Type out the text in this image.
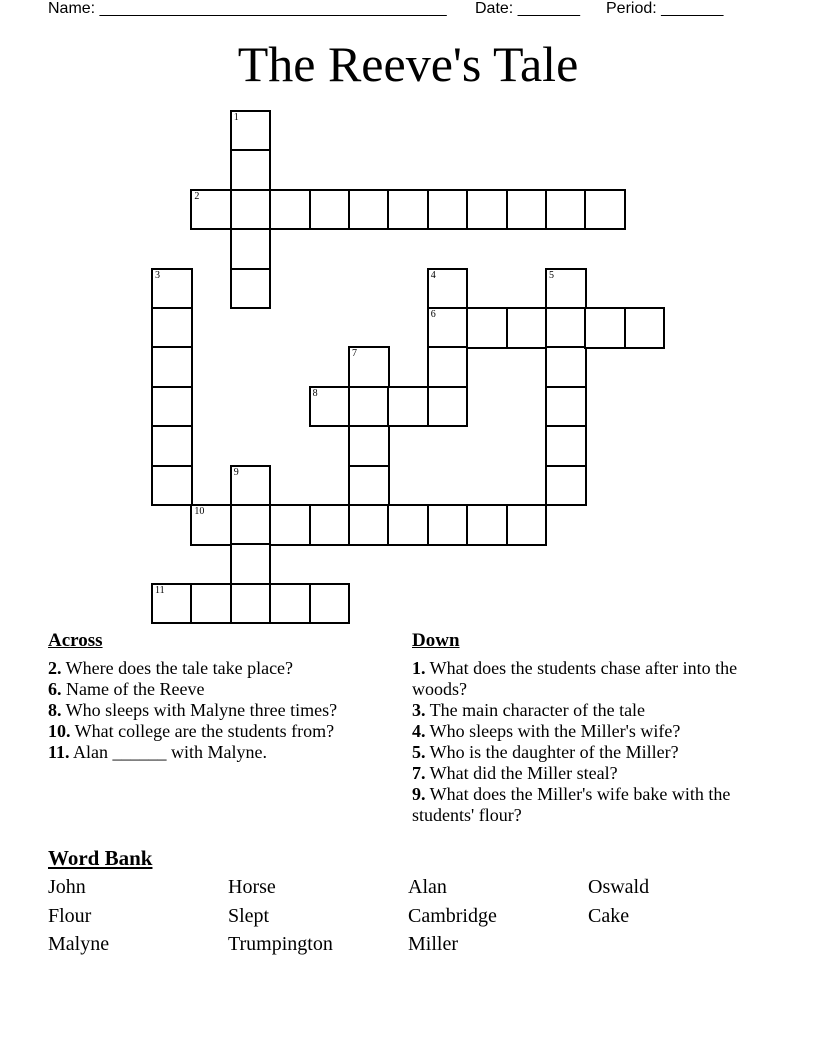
Name: _______________________________________ Date: _______ Period: _______
The Reeve's Tale
1
2
3	4
6
5
7
8
9
10
11
Across

2. Where does the tale take place?

6. Name of the Reeve

8. Who sleeps with Malyne three times?

10. What college are the students from?

11. Alan ______ with Malyne.

Down

1. What does the students chase after into the woods?

3. The main character of the tale

4. Who sleeps with the Miller's wife?

5. Who is the daughter of the Miller?

7. What did the Miller steal?

9. What does the Miller's wife bake with the students' flour?

Word Bank
John	Horse	Alan	Oswald
Flour	Slept	Cambridge	Cake
Malyne	Trumpington	Miller
